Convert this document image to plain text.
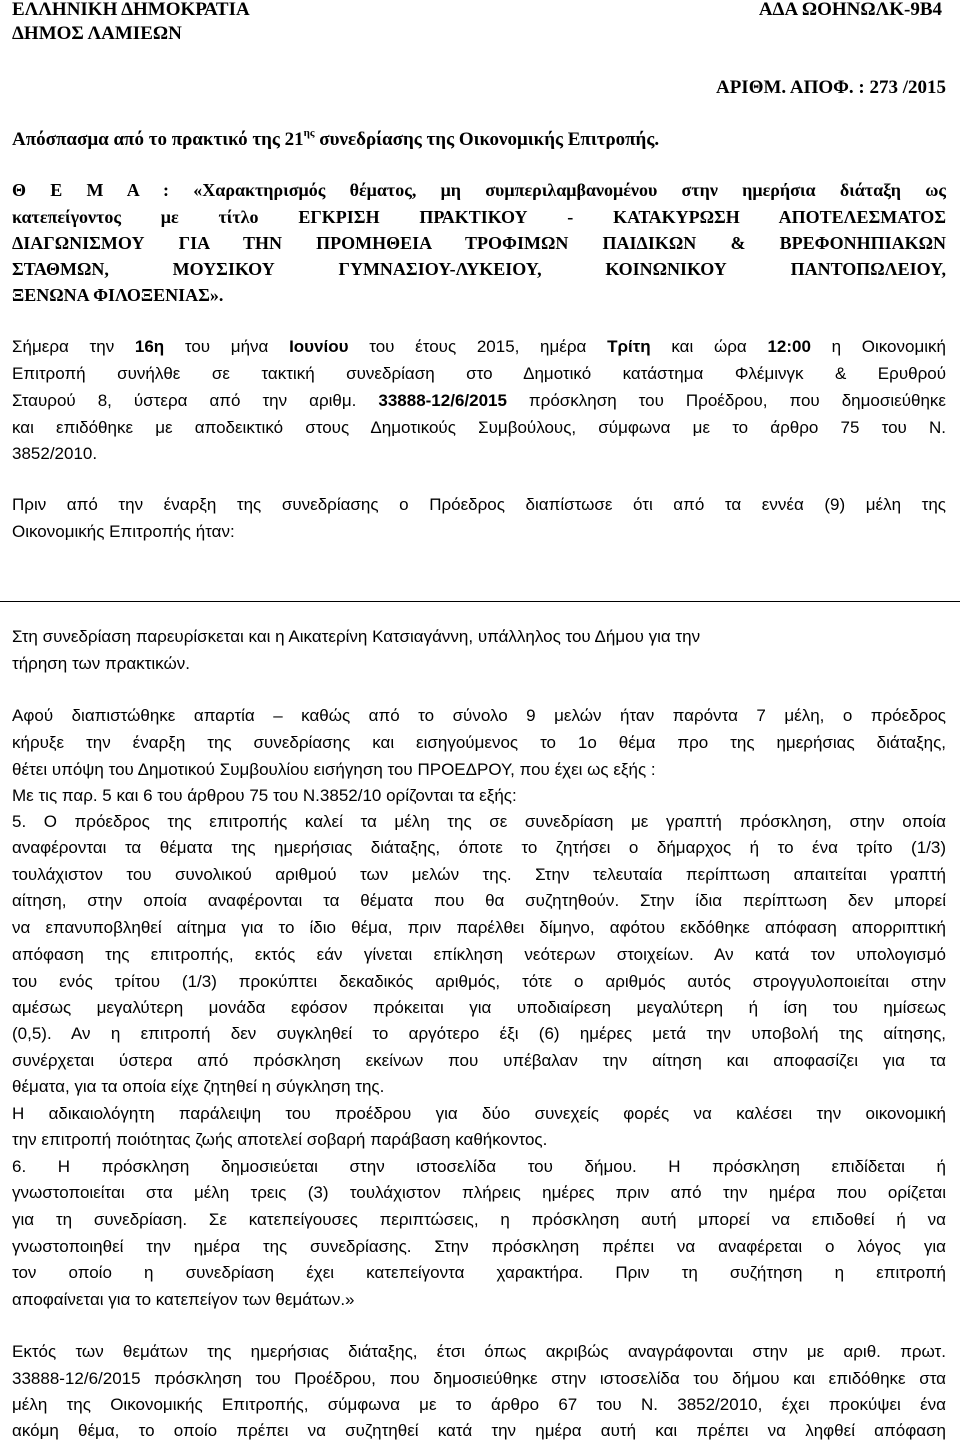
ΕΛΛΗΝΙΚΗ ΔΗΜΟΚΡΑΤΙΑ
ΔΗΜΟΣ ΛΑΜΙΕΩΝ
ΑΔΑ ΩΟΗΝΩΛΚ-9Β4
ΑΡΙΘΜ. ΑΠΟΦ. : 273 /2015
Απόσπασμα από το πρακτικό της $21^{\eta\varsigma}$ συνεδρίασης της Οικονομικής Επιτροπής.
Θ Ε Μ Α : «Χαρακτηρισμός θέματος, μη συμπεριλαμβανομένου στην ημερήσια διάταξη ως
κατεπείγοντος με τίτλο ΕΓΚΡΙΣΗ ΠΡΑΚΤΙΚΟΥ - ΚΑΤΑΚΥΡΩΣΗ ΑΠΟΤΕΛΕΣΜΑΤΟΣ
ΔΙΑΓΩΝΙΣΜΟΥ ΓΙΑ ΤΗΝ ΠΡΟΜΗΘΕΙΑ ΤΡΟΦΙΜΩΝ ΠΑΙΔΙΚΩΝ & ΒΡΕΦΟΝΗΠΙΑΚΩΝ
ΣΤΑΘΜΩΝ, ΜΟΥΣΙΚΟΥ ΓΥΜΝΑΣΙΟΥ-ΛΥΚΕΙΟΥ, ΚΟΙΝΩΝΙΚΟΥ ΠΑΝΤΟΠΩΛΕΙΟΥ,
ΞΕΝΩΝΑ ΦΙΛΟΞΕΝΙΑΣ».
Σήμερα την 16η του μήνα Ιουνίου του έτους 2015, ημέρα Τρίτη και ώρα 12:00 η Οικονομική
Επιτροπή συνήλθε σε τακτική συνεδρίαση στο Δημοτικό κατάστημα Φλέμινγκ & Ερυθρού
Σταυρού 8, ύστερα από την αριθμ. 33888-12/6/2015 πρόσκληση του Προέδρου, που δημοσιεύθηκε
και επιδόθηκε με αποδεικτικό στους Δημοτικούς Συμβούλους, σύμφωνα με το άρθρο 75 του Ν.
3852/2010.
Πριν από την έναρξη της συνεδρίασης ο Πρόεδρος διαπίστωσε ότι από τα εννέα (9) μέλη της
Οικονομικής Επιτροπής ήταν:
Στη συνεδρίαση παρευρίσκεται και η Αικατερίνη Κατσιαγάννη, υπάλληλος του Δήμου για την
τήρηση των πρακτικών.
Αφού διαπιστώθηκε απαρτία – καθώς από το σύνολο 9 μελών ήταν παρόντα 7 μέλη, ο πρόεδρος
κήρυξε την έναρξη της συνεδρίασης και εισηγούμενος το 1ο θέμα προ της ημερήσιας διάταξης,
θέτει υπόψη του Δημοτικού Συμβουλίου εισήγηση του ΠΡΟΕΔΡΟΥ, που έχει ως εξής :
Με τις παρ. 5 και 6 του άρθρου 75 του Ν.3852/10 ορίζονται τα εξής:
5. Ο πρόεδρος της επιτροπής καλεί τα μέλη της σε συνεδρίαση με γραπτή πρόσκληση, στην οποία
αναφέρονται τα θέματα της ημερήσιας διάταξης, όποτε το ζητήσει ο δήμαρχος ή το ένα τρίτο (1/3)
τουλάχιστον του συνολικού αριθμού των μελών της. Στην τελευταία περίπτωση απαιτείται γραπτή
αίτηση, στην οποία αναφέρονται τα θέματα που θα συζητηθούν. Στην ίδια περίπτωση δεν μπορεί
να επανυποβληθεί αίτημα για το ίδιο θέμα, πριν παρέλθει δίμηνο, αφότου εκδόθηκε απόφαση απορριπτική
απόφαση της επιτροπής, εκτός εάν γίνεται επίκληση νεότερων στοιχείων. Αν κατά τον υπολογισμό
του ενός τρίτου (1/3) προκύπτει δεκαδικός αριθμός, τότε ο αριθμός αυτός στρογγυλοποιείται στην
αμέσως μεγαλύτερη μονάδα εφόσον πρόκειται για υποδιαίρεση μεγαλύτερη ή ίση του ημίσεως
(0,5). Αν η επιτροπή δεν συγκληθεί το αργότερο έξι (6) ημέρες μετά την υποβολή της αίτησης,
συνέρχεται ύστερα από πρόσκληση εκείνων που υπέβαλαν την αίτηση και αποφασίζει για τα
θέματα, για τα οποία είχε ζητηθεί η σύγκληση της.
Η αδικαιολόγητη παράλειψη του προέδρου για δύο συνεχείς φορές να καλέσει την οικονομική
την επιτροπή ποιότητας ζωής αποτελεί σοβαρή παράβαση καθήκοντος.
6. Η πρόσκληση δημοσιεύεται στην ιστοσελίδα του δήμου. Η πρόσκληση επιδίδεται ή
γνωστοποιείται στα μέλη τρεις (3) τουλάχιστον πλήρεις ημέρες πριν από την ημέρα που ορίζεται
για τη συνεδρίαση. Σε κατεπείγουσες περιπτώσεις, η πρόσκληση αυτή μπορεί να επιδοθεί ή να
γνωστοποιηθεί την ημέρα της συνεδρίασης. Στην πρόσκληση πρέπει να αναφέρεται ο λόγος για
τον οποίο η συνεδρίαση έχει κατεπείγοντα χαρακτήρα. Πριν τη συζήτηση η επιτροπή
αποφαίνεται για το κατεπείγον των θεμάτων.»
Εκτός των θεμάτων της ημερήσιας διάταξης, έτσι όπως ακριβώς αναγράφονται στην με αριθ. πρωτ.
33888-12/6/2015 πρόσκληση του Προέδρου, που δημοσιεύθηκε στην ιστοσελίδα του δήμου και επιδόθηκε στα
μέλη της Οικονομικής Επιτροπής, σύμφωνα με το άρθρο 67 του Ν. 3852/2010, έχει προκύψει ένα
ακόμη θέμα, το οποίο πρέπει να συζητηθεί κατά την ημέρα αυτή και πρέπει να ληφθεί απόφαση
